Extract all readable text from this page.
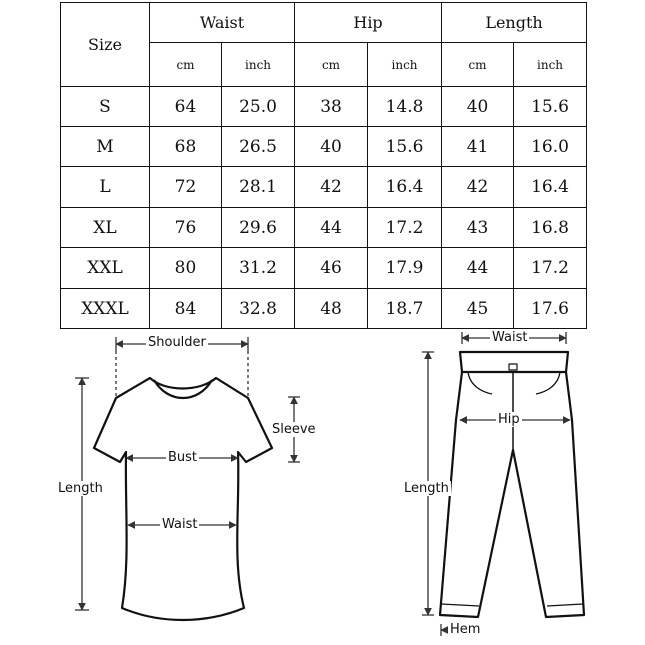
Size	Waist		Hip		Length	
	cm	inch	cm	inch	cm	inch
S	64	25.0	38	14.8	40	15.6
M	68	26.5	40	15.6	41	16.0
L	72	28.1	42	16.4	42	16.4
XL	76	29.6	44	17.2	43	16.8
XXL	80	31.2	46	17.9	44	17.2
XXXL	84	32.8	48	18.7	45	17.6
Shoulder
Sleeve
Bust
Waist
Length
Waist
Hip
Length
Hem
